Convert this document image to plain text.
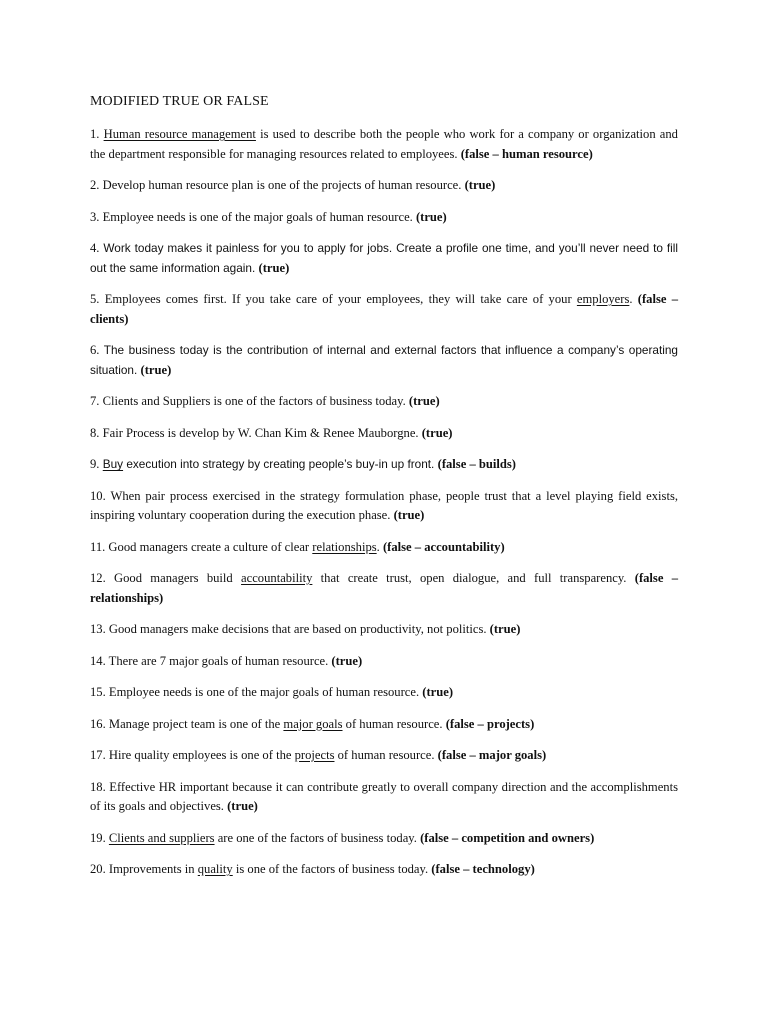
MODIFIED TRUE OR FALSE

1. Human resource management is used to describe both the people who work for a company or organization and the department responsible for managing resources related to employees. (false – human resource)

2. Develop human resource plan is one of the projects of human resource. (true)

3. Employee needs is one of the major goals of human resource. (true)

4. Work today makes it painless for you to apply for jobs. Create a profile one time, and you’ll never need to fill out the same information again. (true)

5. Employees comes first. If you take care of your employees, they will take care of your employers. (false – clients)

6. The business today is the contribution of internal and external factors that influence a company’s operating situation. (true)

7. Clients and Suppliers is one of the factors of business today. (true)

8. Fair Process is develop by W. Chan Kim & Renee Mauborgne. (true)

9. Buy execution into strategy by creating people’s buy-in up front. (false – builds)

10. When pair process exercised in the strategy formulation phase, people trust that a level playing field exists, inspiring voluntary cooperation during the execution phase. (true)

11. Good managers create a culture of clear relationships. (false – accountability)

12. Good managers build accountability that create trust, open dialogue, and full transparency. (false – relationships)

13. Good managers make decisions that are based on productivity, not politics. (true)

14. There are 7 major goals of human resource. (true)

15. Employee needs is one of the major goals of human resource. (true)

16. Manage project team is one of the major goals of human resource. (false – projects)

17. Hire quality employees is one of the projects of human resource. (false – major goals)

18. Effective HR important because it can contribute greatly to overall company direction and the accomplishments of its goals and objectives. (true)

19. Clients and suppliers are one of the factors of business today. (false – competition and owners)

20. Improvements in quality is one of the factors of business today. (false – technology)
